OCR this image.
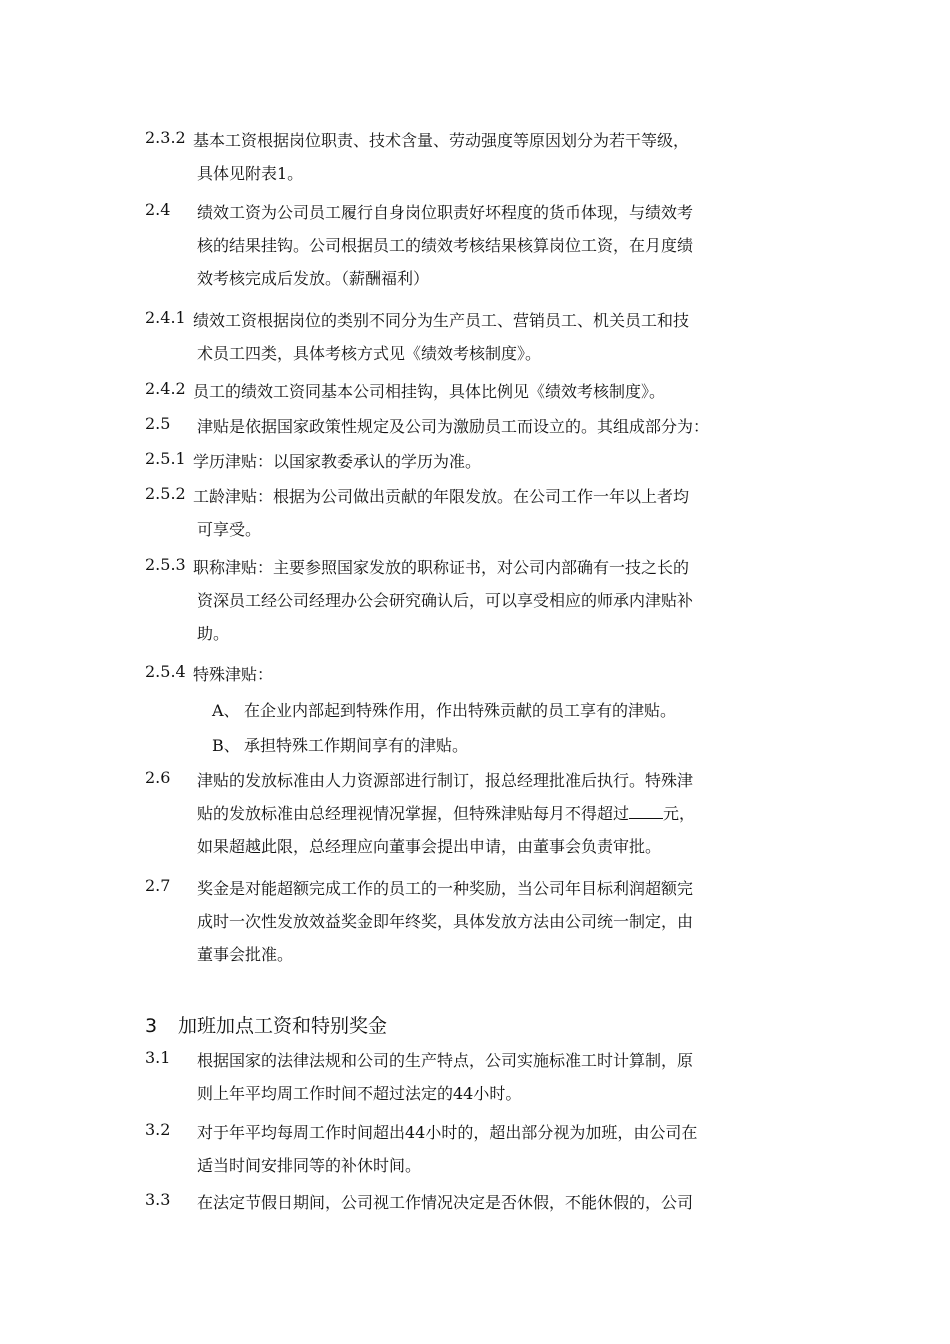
2.3.2 基本工资根据岗位职责、技术含量、劳动强度等原因划分为若干等级，
具体见附表1。
2.4 绩效工资为公司员工履行自身岗位职责好坏程度的货币体现，与绩效考
核的结果挂钩。公司根据员工的绩效考核结果核算岗位工资，在月度绩
效考核完成后发放。（薪酬福利）
2.4.1 绩效工资根据岗位的类别不同分为生产员工、营销员工、机关员工和技
术员工四类，具体考核方式见《绩效考核制度》。
2.4.2 员工的绩效工资同基本公司相挂钩，具体比例见《绩效考核制度》。
2.5 津贴是依据国家政策性规定及公司为激励员工而设立的。其组成部分为：
2.5.1 学历津贴：以国家教委承认的学历为准。
2.5.2 工龄津贴：根据为公司做出贡献的年限发放。在公司工作一年以上者均
可享受。
2.5.3 职称津贴：主要参照国家发放的职称证书，对公司内部确有一技之长的
资深员工经公司经理办公会研究确认后，可以享受相应的师承内津贴补
助。
2.5.4 特殊津贴：
A、 在企业内部起到特殊作用，作出特殊贡献的员工享有的津贴。
B、 承担特殊工作期间享有的津贴。
2.6 津贴的发放标准由人力资源部进行制订，报总经理批准后执行。特殊津
贴的发放标准由总经理视情况掌握，但特殊津贴每月不得超过 元，
如果超越此限，总经理应向董事会提出申请，由董事会负责审批。
2.7 奖金是对能超额完成工作的员工的一种奖励，当公司年目标利润超额完
成时一次性发放效益奖金即年终奖，具体发放方法由公司统一制定，由
董事会批准。
3 加班加点工资和特别奖金
3.1 根据国家的法律法规和公司的生产特点，公司实施标准工时计算制，原
则上年平均周工作时间不超过法定的44小时。
3.2 对于年平均每周工作时间超出44小时的，超出部分视为加班，由公司在
适当时间安排同等的补休时间。
3.3 在法定节假日期间，公司视工作情况决定是否休假，不能休假的，公司
